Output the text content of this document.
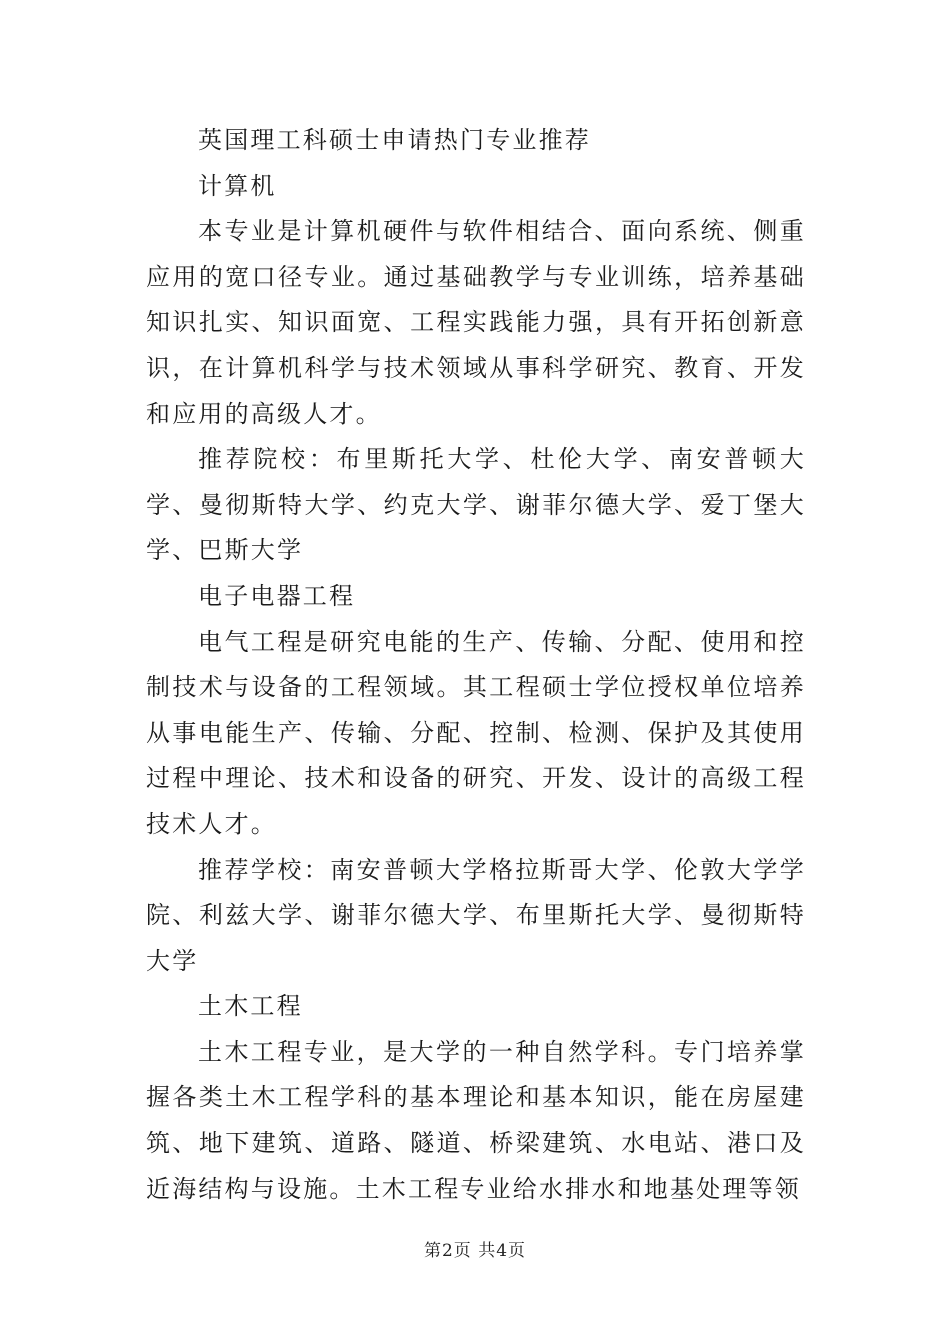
英国理工科硕士申请热门专业推荐

计算机

本专业是计算机硬件与软件相结合、面向系统、侧重应用的宽口径专业。通过基础教学与专业训练，培养基础知识扎实、知识面宽、工程实践能力强，具有开拓创新意识，在计算机科学与技术领域从事科学研究、教育、开发和应用的高级人才。

推荐院校：布里斯托大学、杜伦大学、南安普顿大学、曼彻斯特大学、约克大学、谢菲尔德大学、爱丁堡大学、巴斯大学

电子电器工程

电气工程是研究电能的生产、传输、分配、使用和控制技术与设备的工程领域。其工程硕士学位授权单位培养从事电能生产、传输、分配、控制、检测、保护及其使用过程中理论、技术和设备的研究、开发、设计的高级工程技术人才。

推荐学校：南安普顿大学格拉斯哥大学、伦敦大学学院、利兹大学、谢菲尔德大学、布里斯托大学、曼彻斯特大学

土木工程

土木工程专业，是大学的一种自然学科。专门培养掌握各类土木工程学科的基本理论和基本知识，能在房屋建筑、地下建筑、道路、隧道、桥梁建筑、水电站、港口及近海结构与设施。土木工程专业给水排水和地基处理等领

第2页 共4页
